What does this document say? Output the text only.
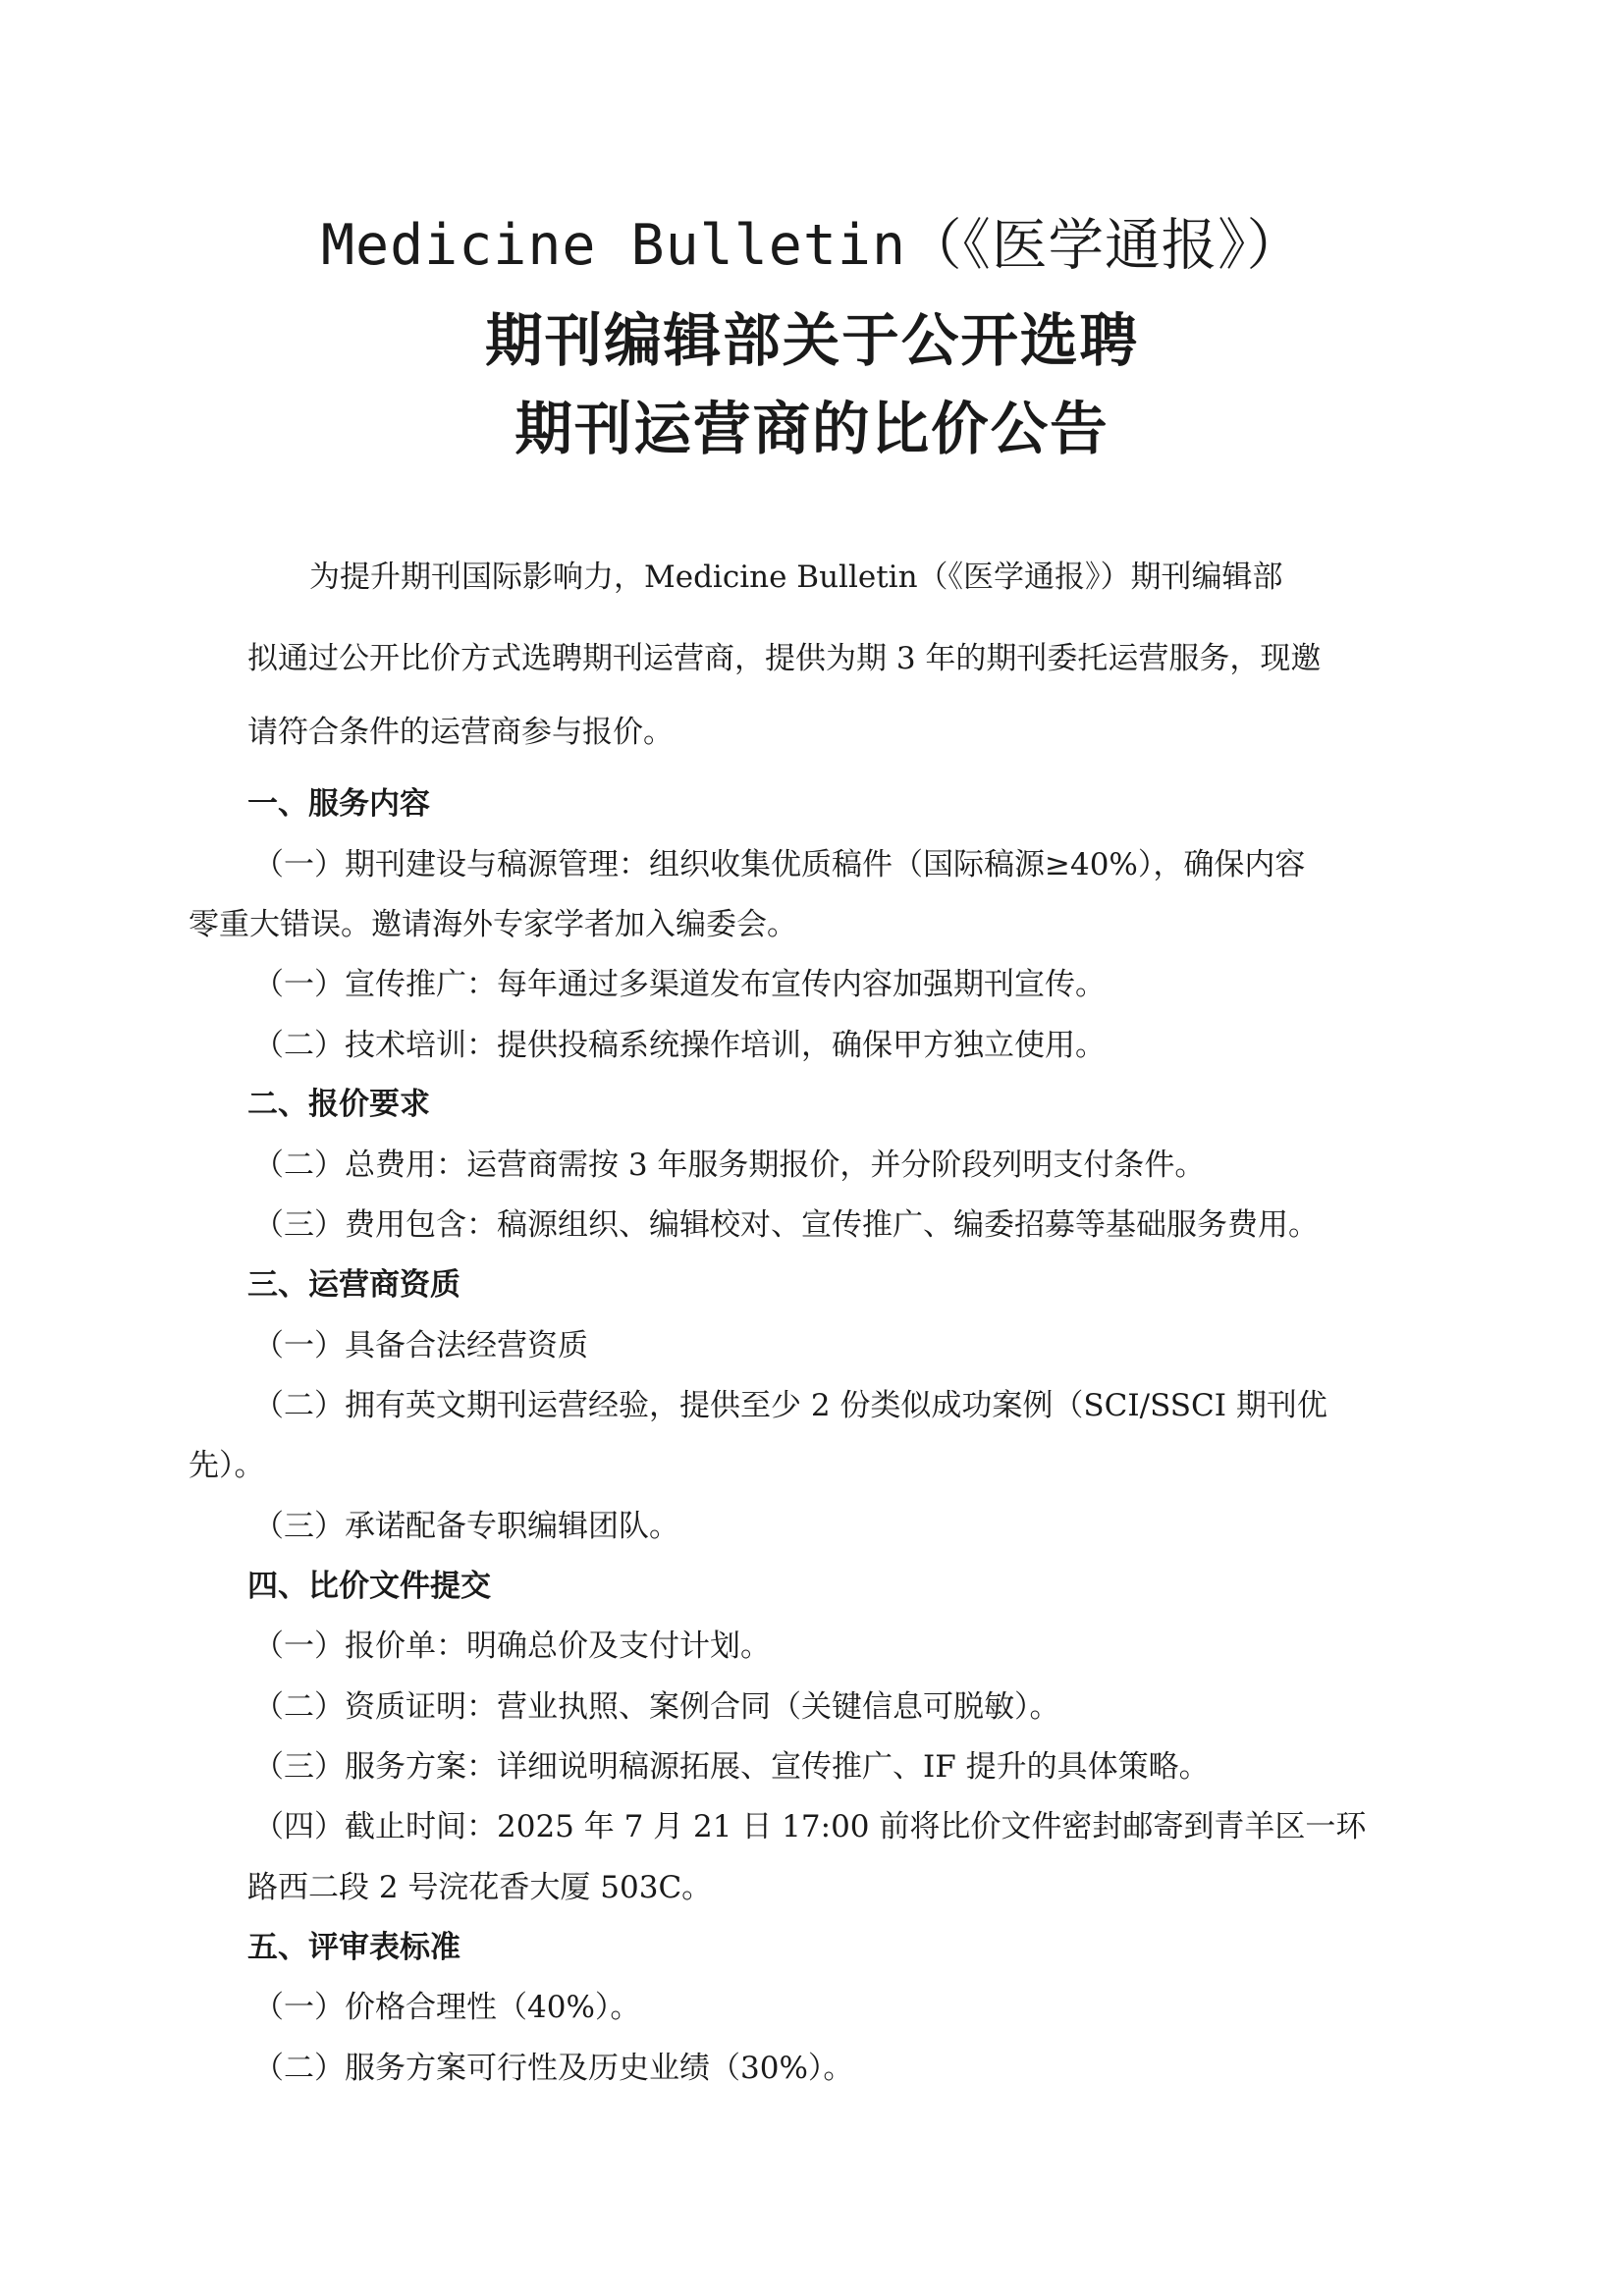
Medicine Bulletin（《医学通报》）
期刊编辑部关于公开选聘
期刊运营商的比价公告
为提升期刊国际影响力，Medicine Bulletin（《医学通报》）期刊编辑部
拟通过公开比价方式选聘期刊运营商，提供为期 3 年的期刊委托运营服务，现邀
请符合条件的运营商参与报价。
一、服务内容
（一）期刊建设与稿源管理：组织收集优质稿件（国际稿源≥40%），确保内容
零重大错误。邀请海外专家学者加入编委会。
（一）宣传推广：每年通过多渠道发布宣传内容加强期刊宣传。
（二）技术培训：提供投稿系统操作培训，确保甲方独立使用。
二、报价要求
（二）总费用：运营商需按 3 年服务期报价，并分阶段列明支付条件。
（三）费用包含：稿源组织、编辑校对、宣传推广、编委招募等基础服务费用。
三、运营商资质
（一）具备合法经营资质
（二）拥有英文期刊运营经验，提供至少 2 份类似成功案例（SCI/SSCI 期刊优
先）。
（三）承诺配备专职编辑团队。
四、比价文件提交
（一）报价单：明确总价及支付计划。
（二）资质证明：营业执照、案例合同（关键信息可脱敏）。
（三）服务方案：详细说明稿源拓展、宣传推广、IF 提升的具体策略。
（四）截止时间：2025 年 7 月 21 日 17:00 前将比价文件密封邮寄到青羊区一环
路西二段 2 号浣花香大厦 503C。
五、评审表标准
（一）价格合理性（40%）。
（二）服务方案可行性及历史业绩（30%）。
